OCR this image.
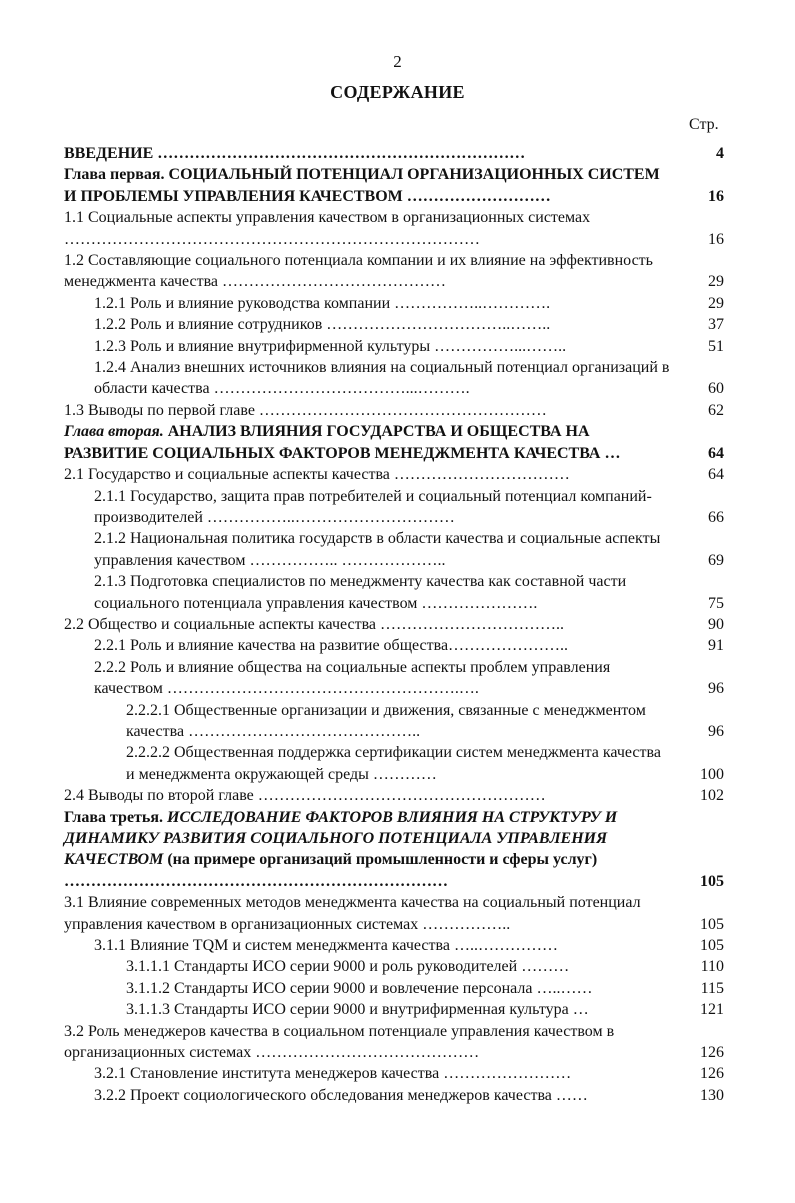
2
СОДЕРЖАНИЕ
Стр.
ВВЕДЕНИЕ ……………………………………………………………	4
Глава первая. СОЦИАЛЬНЫЙ ПОТЕНЦИАЛ ОРГАНИЗАЦИОННЫХ СИСТЕМ И ПРОБЛЕМЫ УПРАВЛЕНИЯ КАЧЕСТВОМ ………………………	16
1.1 Социальные аспекты управления качеством в организационных системах ……………………………………………………………………	16
1.2 Составляющие социального потенциала компании и их влияние на эффективность менеджмента качества ……………………………………	29
1.2.1 Роль и влияние руководства компании ……………..………….	29
1.2.2 Роль и влияние сотрудников ……………………………..……..	37
1.2.3 Роль и влияние внутрифирменной культуры ……………...……..	51
1.2.4 Анализ внешних источников влияния на социальный потенциал организаций в области качества ………………………………...……….	60
1.3 Выводы по первой главе ………………………………………………	62
Глава вторая. АНАЛИЗ ВЛИЯНИЯ ГОСУДАРСТВА И ОБЩЕСТВА НА РАЗВИТИЕ СОЦИАЛЬНЫХ ФАКТОРОВ МЕНЕДЖМЕНТА КАЧЕСТВА …	64
2.1 Государство и социальные аспекты качества ……………………………	64
2.1.1 Государство, защита прав потребителей и социальный потенциал компаний-производителей ……………..…………………………	66
2.1.2 Национальная политика государств в области качества и социальные аспекты управления качеством …………….. ………………..	69
2.1.3 Подготовка специалистов по менеджменту качества как составной части социального потенциала управления качеством ………………….	75
2.2 Общество и социальные аспекты качества ……………………………..	90
2.2.1 Роль и влияние качества на развитие общества…………………..	91
2.2.2 Роль и влияние общества на социальные аспекты проблем управления качеством ……………………………………………….….	96
2.2.2.1 Общественные организации и движения, связанные с менеджментом качества ……………………………………..	96
2.2.2.2 Общественная поддержка сертификации систем менеджмента качества и менеджмента окружающей среды …………	100
2.4 Выводы по второй главе ………………………………………………	102
Глава третья. ИССЛЕДОВАНИЕ ФАКТОРОВ ВЛИЯНИЯ НА СТРУКТУРУ И ДИНАМИКУ РАЗВИТИЯ СОЦИАЛЬНОГО ПОТЕНЦИАЛА УПРАВЛЕНИЯ КАЧЕСТВОМ (на примере организаций промышленности и сферы услуг) ………………………………………………………………	105
3.1 Влияние современных методов менеджмента качества на социальный потенциал управления качеством в организационных системах ……………..	105
3.1.1 Влияние TQM и систем менеджмента качества …..……………	105
3.1.1.1 Стандарты ИСО серии 9000 и роль руководителей ………	110
3.1.1.2 Стандарты ИСО серии 9000 и вовлечение персонала …..……	115
3.1.1.3 Стандарты ИСО серии 9000 и внутрифирменная культура …	121
3.2 Роль менеджеров качества в социальном потенциале управления качеством в организационных системах ……………………………………	126
3.2.1 Становление института менеджеров качества ……………………	126
3.2.2 Проект социологического обследования менеджеров качества ……	130
